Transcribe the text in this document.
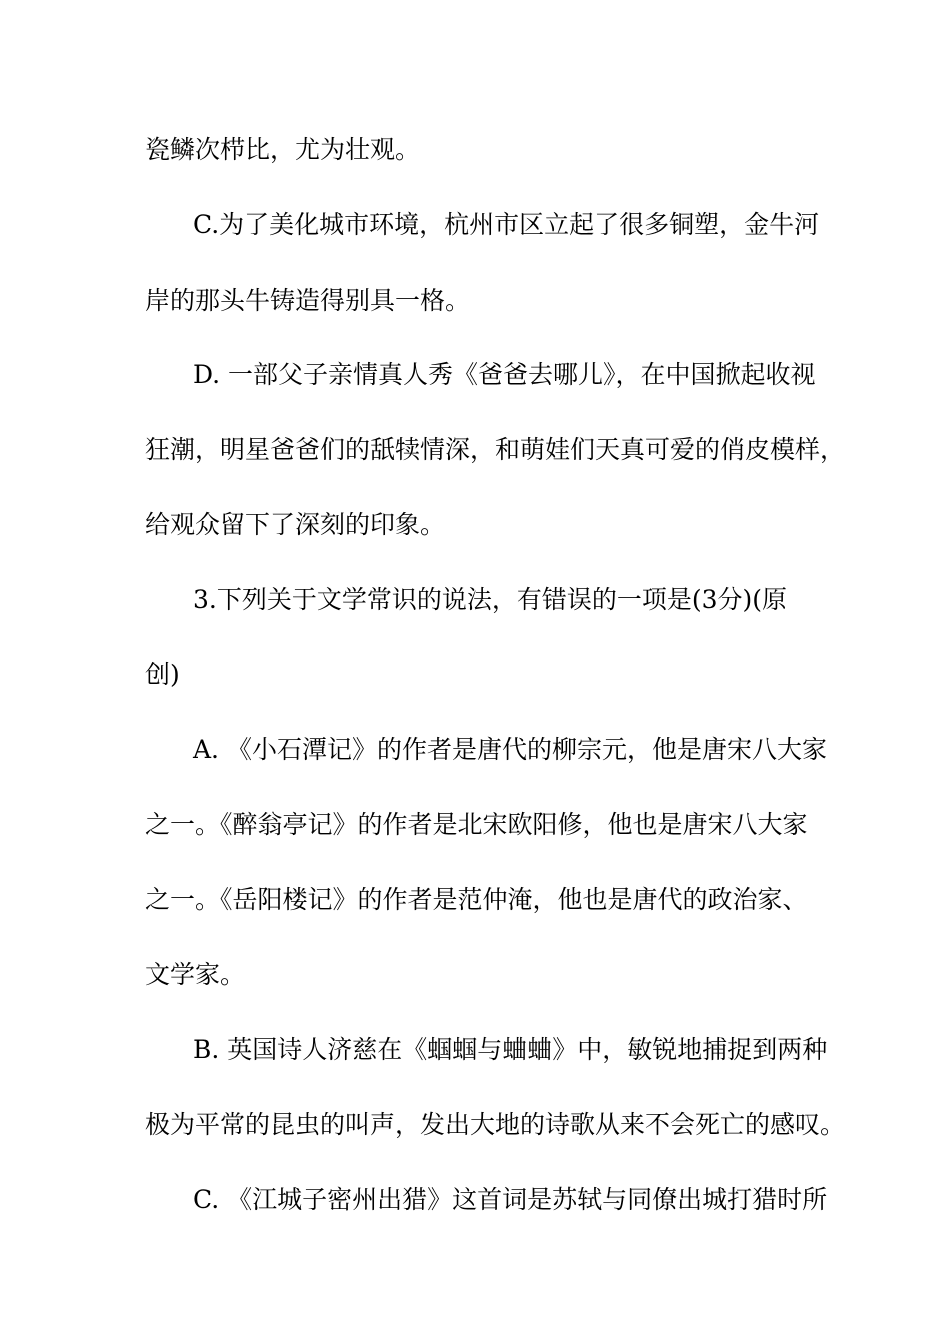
瓷鳞次栉比，尤为壮观。
C.为了美化城市环境，杭州市区立起了很多铜塑，金牛河
岸的那头牛铸造得别具一格。
D. 一部父子亲情真人秀《爸爸去哪儿》，在中国掀起收视
狂潮，明星爸爸们的舐犊情深，和萌娃们天真可爱的俏皮模样，
给观众留下了深刻的印象。
3.下列关于文学常识的说法，有错误的一项是(3分)(原
创)
A. 《小石潭记》的作者是唐代的柳宗元，他是唐宋八大家
之一。《醉翁亭记》的作者是北宋欧阳修，他也是唐宋八大家
之一。《岳阳楼记》的作者是范仲淹，他也是唐代的政治家、
文学家。
B. 英国诗人济慈在《蝈蝈与蛐蛐》中，敏锐地捕捉到两种
极为平常的昆虫的叫声，发出大地的诗歌从来不会死亡的感叹。
C. 《江城子密州出猎》这首词是苏轼与同僚出城打猎时所
